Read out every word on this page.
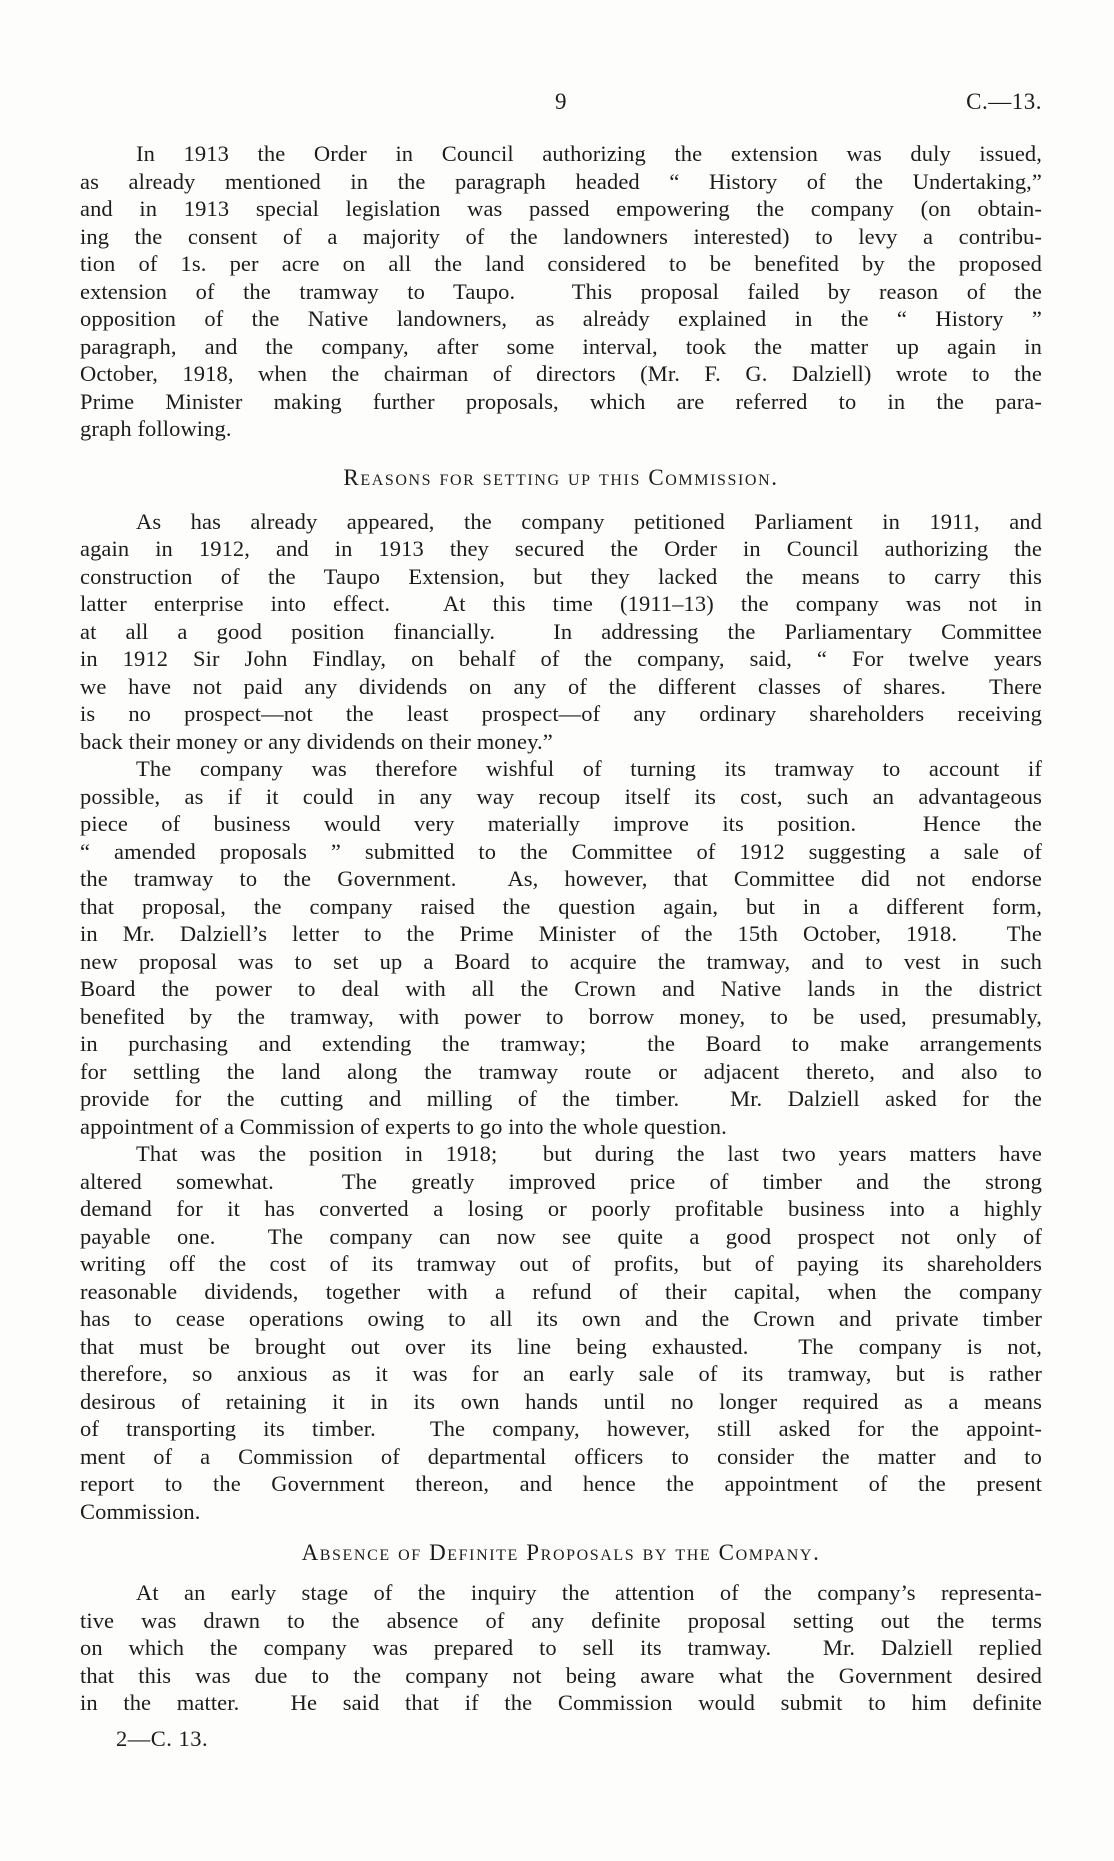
9	C.—13.
In 1913 the Order in Council authorizing the extension was duly issued,
as already mentioned in the paragraph headed “ History of the Undertaking,”
and in 1913 special legislation was passed empowering the company (on obtain-
ing the consent of a majority of the landowners interested) to levy a contribu-
tion of 1s. per acre on all the land considered to be benefited by the proposed
extension of the tramway to Taupo.  This proposal failed by reason of the
opposition of the Native landowners, as alreȧdy explained in the “ History ”
paragraph, and the company, after some interval, took the matter up again in
October, 1918, when the chairman of directors (Mr. F. G. Dalziell) wrote to the
Prime Minister making further proposals, which are referred to in the para-
graph following.
Reasons for setting up this Commission.
As has already appeared, the company petitioned Parliament in 1911, and
again in 1912, and in 1913 they secured the Order in Council authorizing the
construction of the Taupo Extension, but they lacked the means to carry this
latter enterprise into effect.  At this time (1911–13) the company was not in
at all a good position financially.  In addressing the Parliamentary Committee
in 1912 Sir John Findlay, on behalf of the company, said, “ For twelve years
we have not paid any dividends on any of the different classes of shares.  There
is no prospect—not the least prospect—of any ordinary shareholders receiving
back their money or any dividends on their money.”
The company was therefore wishful of turning its tramway to account if
possible, as if it could in any way recoup itself its cost, such an advantageous
piece of business would very materially improve its position.  Hence the
“ amended proposals ” submitted to the Committee of 1912 suggesting a sale of
the tramway to the Government.  As, however, that Committee did not endorse
that proposal, the company raised the question again, but in a different form,
in Mr. Dalziell’s letter to the Prime Minister of the 15th October, 1918.  The
new proposal was to set up a Board to acquire the tramway, and to vest in such
Board the power to deal with all the Crown and Native lands in the district
benefited by the tramway, with power to borrow money, to be used, presumably,
in purchasing and extending the tramway;  the Board to make arrangements
for settling the land along the tramway route or adjacent thereto, and also to
provide for the cutting and milling of the timber.  Mr. Dalziell asked for the
appointment of a Commission of experts to go into the whole question.
That was the position in 1918;  but during the last two years matters have
altered somewhat.  The greatly improved price of timber and the strong
demand for it has converted a losing or poorly profitable business into a highly
payable one.  The company can now see quite a good prospect not only of
writing off the cost of its tramway out of profits, but of paying its shareholders
reasonable dividends, together with a refund of their capital, when the company
has to cease operations owing to all its own and the Crown and private timber
that must be brought out over its line being exhausted.  The company is not,
therefore, so anxious as it was for an early sale of its tramway, but is rather
desirous of retaining it in its own hands until no longer required as a means
of transporting its timber.  The company, however, still asked for the appoint-
ment of a Commission of departmental officers to consider the matter and to
report to the Government thereon, and hence the appointment of the present
Commission.
Absence of Definite Proposals by the Company.
At an early stage of the inquiry the attention of the company’s representa-
tive was drawn to the absence of any definite proposal setting out the terms
on which the company was prepared to sell its tramway.  Mr. Dalziell replied
that this was due to the company not being aware what the Government desired
in the matter.  He said that if the Commission would submit to him definite
2—C. 13.
